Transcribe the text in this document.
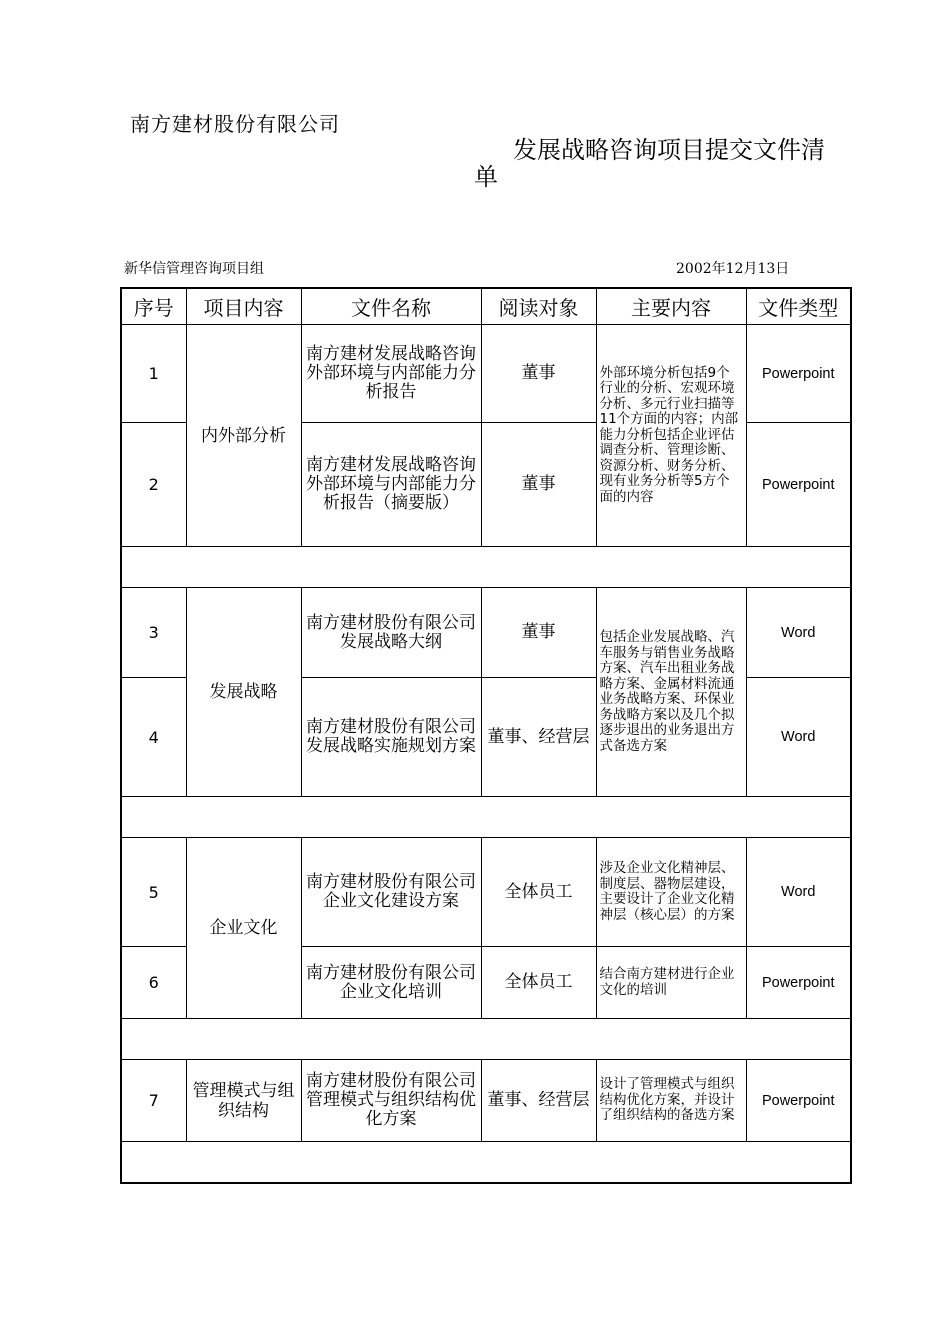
南方建材股份有限公司
发展战略咨询项目提交文件清
单
新华信管理咨询项目组	2002年12月13日
序号	项目内容	文件名称	阅读对象	主要内容	文件类型
1	内外部分析	南方建材发展战略咨询外部环境与内部能力分析报告	董事	外部环境分析包括9个行业的分析、宏观环境分析、多元行业扫描等11个方面的内容；内部能力分析包括企业评估调查分析、管理诊断、资源分析、财务分析、现有业务分析等5方个面的内容	Powerpoint
2		南方建材发展战略咨询外部环境与内部能力分析报告（摘要版）	董事		Powerpoint

3	发展战略	南方建材股份有限公司发展战略大纲	董事	包括企业发展战略、汽车服务与销售业务战略方案、汽车出租业务战略方案、金属材料流通业务战略方案、环保业务战略方案以及几个拟逐步退出的业务退出方式备选方案	Word
4		南方建材股份有限公司发展战略实施规划方案	董事、经营层		Word

5	企业文化	南方建材股份有限公司企业文化建设方案	全体员工	涉及企业文化精神层、制度层、器物层建设，主要设计了企业文化精神层（核心层）的方案	Word
6		南方建材股份有限公司企业文化培训	全体员工	结合南方建材进行企业文化的培训	Powerpoint

7	管理模式与组织结构	南方建材股份有限公司管理模式与组织结构优化方案	董事、经营层	设计了管理模式与组织结构优化方案，并设计了组织结构的备选方案	Powerpoint
